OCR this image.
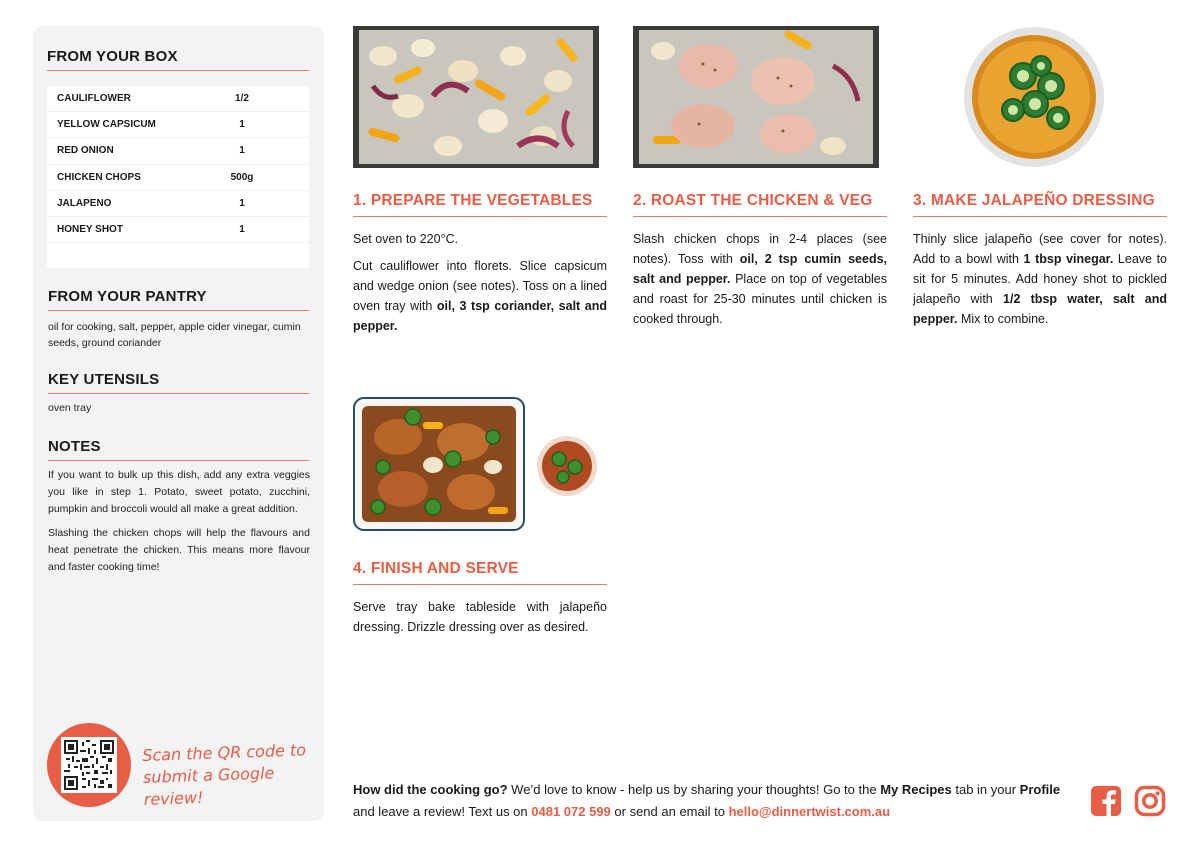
FROM YOUR BOX
CAULIFLOWER	1/2
YELLOW CAPSICUM	1
RED ONION	1
CHICKEN CHOPS	500g
JALAPENO	1
HONEY SHOT	1
FROM YOUR PANTRY
oil for cooking, salt, pepper, apple cider vinegar, cumin seeds, ground coriander
KEY UTENSILS
oven tray
NOTES

If you want to bulk up this dish, add any extra veggies you like in step 1. Potato, sweet potato, zucchini, pumpkin and broccoli would all make a great addition.

Slashing the chicken chops will help the flavours and heat penetrate the chicken. This means more flavour and faster cooking time!

Scan the QR code to submit a Google review!
1. PREPARE THE VEGETABLES

Set oven to 220°C.

Cut cauliflower into florets. Slice capsicum and wedge onion (see notes). Toss on a lined oven tray with oil, 3 tsp coriander, salt and pepper.

2. ROAST THE CHICKEN & VEG

Slash chicken chops in 2-4 places (see notes). Toss with oil, 2 tsp cumin seeds, salt and pepper. Place on top of vegetables and roast for 25-30 minutes until chicken is cooked through.

3. MAKE JALAPEÑO DRESSING

Thinly slice jalapeño (see cover for notes). Add to a bowl with 1 tbsp vinegar. Leave to sit for 5 minutes. Add honey shot to pickled jalapeño with 1/2 tbsp water, salt and pepper. Mix to combine.

4. FINISH AND SERVE

Serve tray bake tableside with jalapeño dressing. Drizzle dressing over as desired.

How did the cooking go? We’d love to know - help us by sharing your thoughts! Go to the My Recipes tab in your Profile and leave a review! Text us on 0481 072 599 or send an email to hello@dinnertwist.com.au
